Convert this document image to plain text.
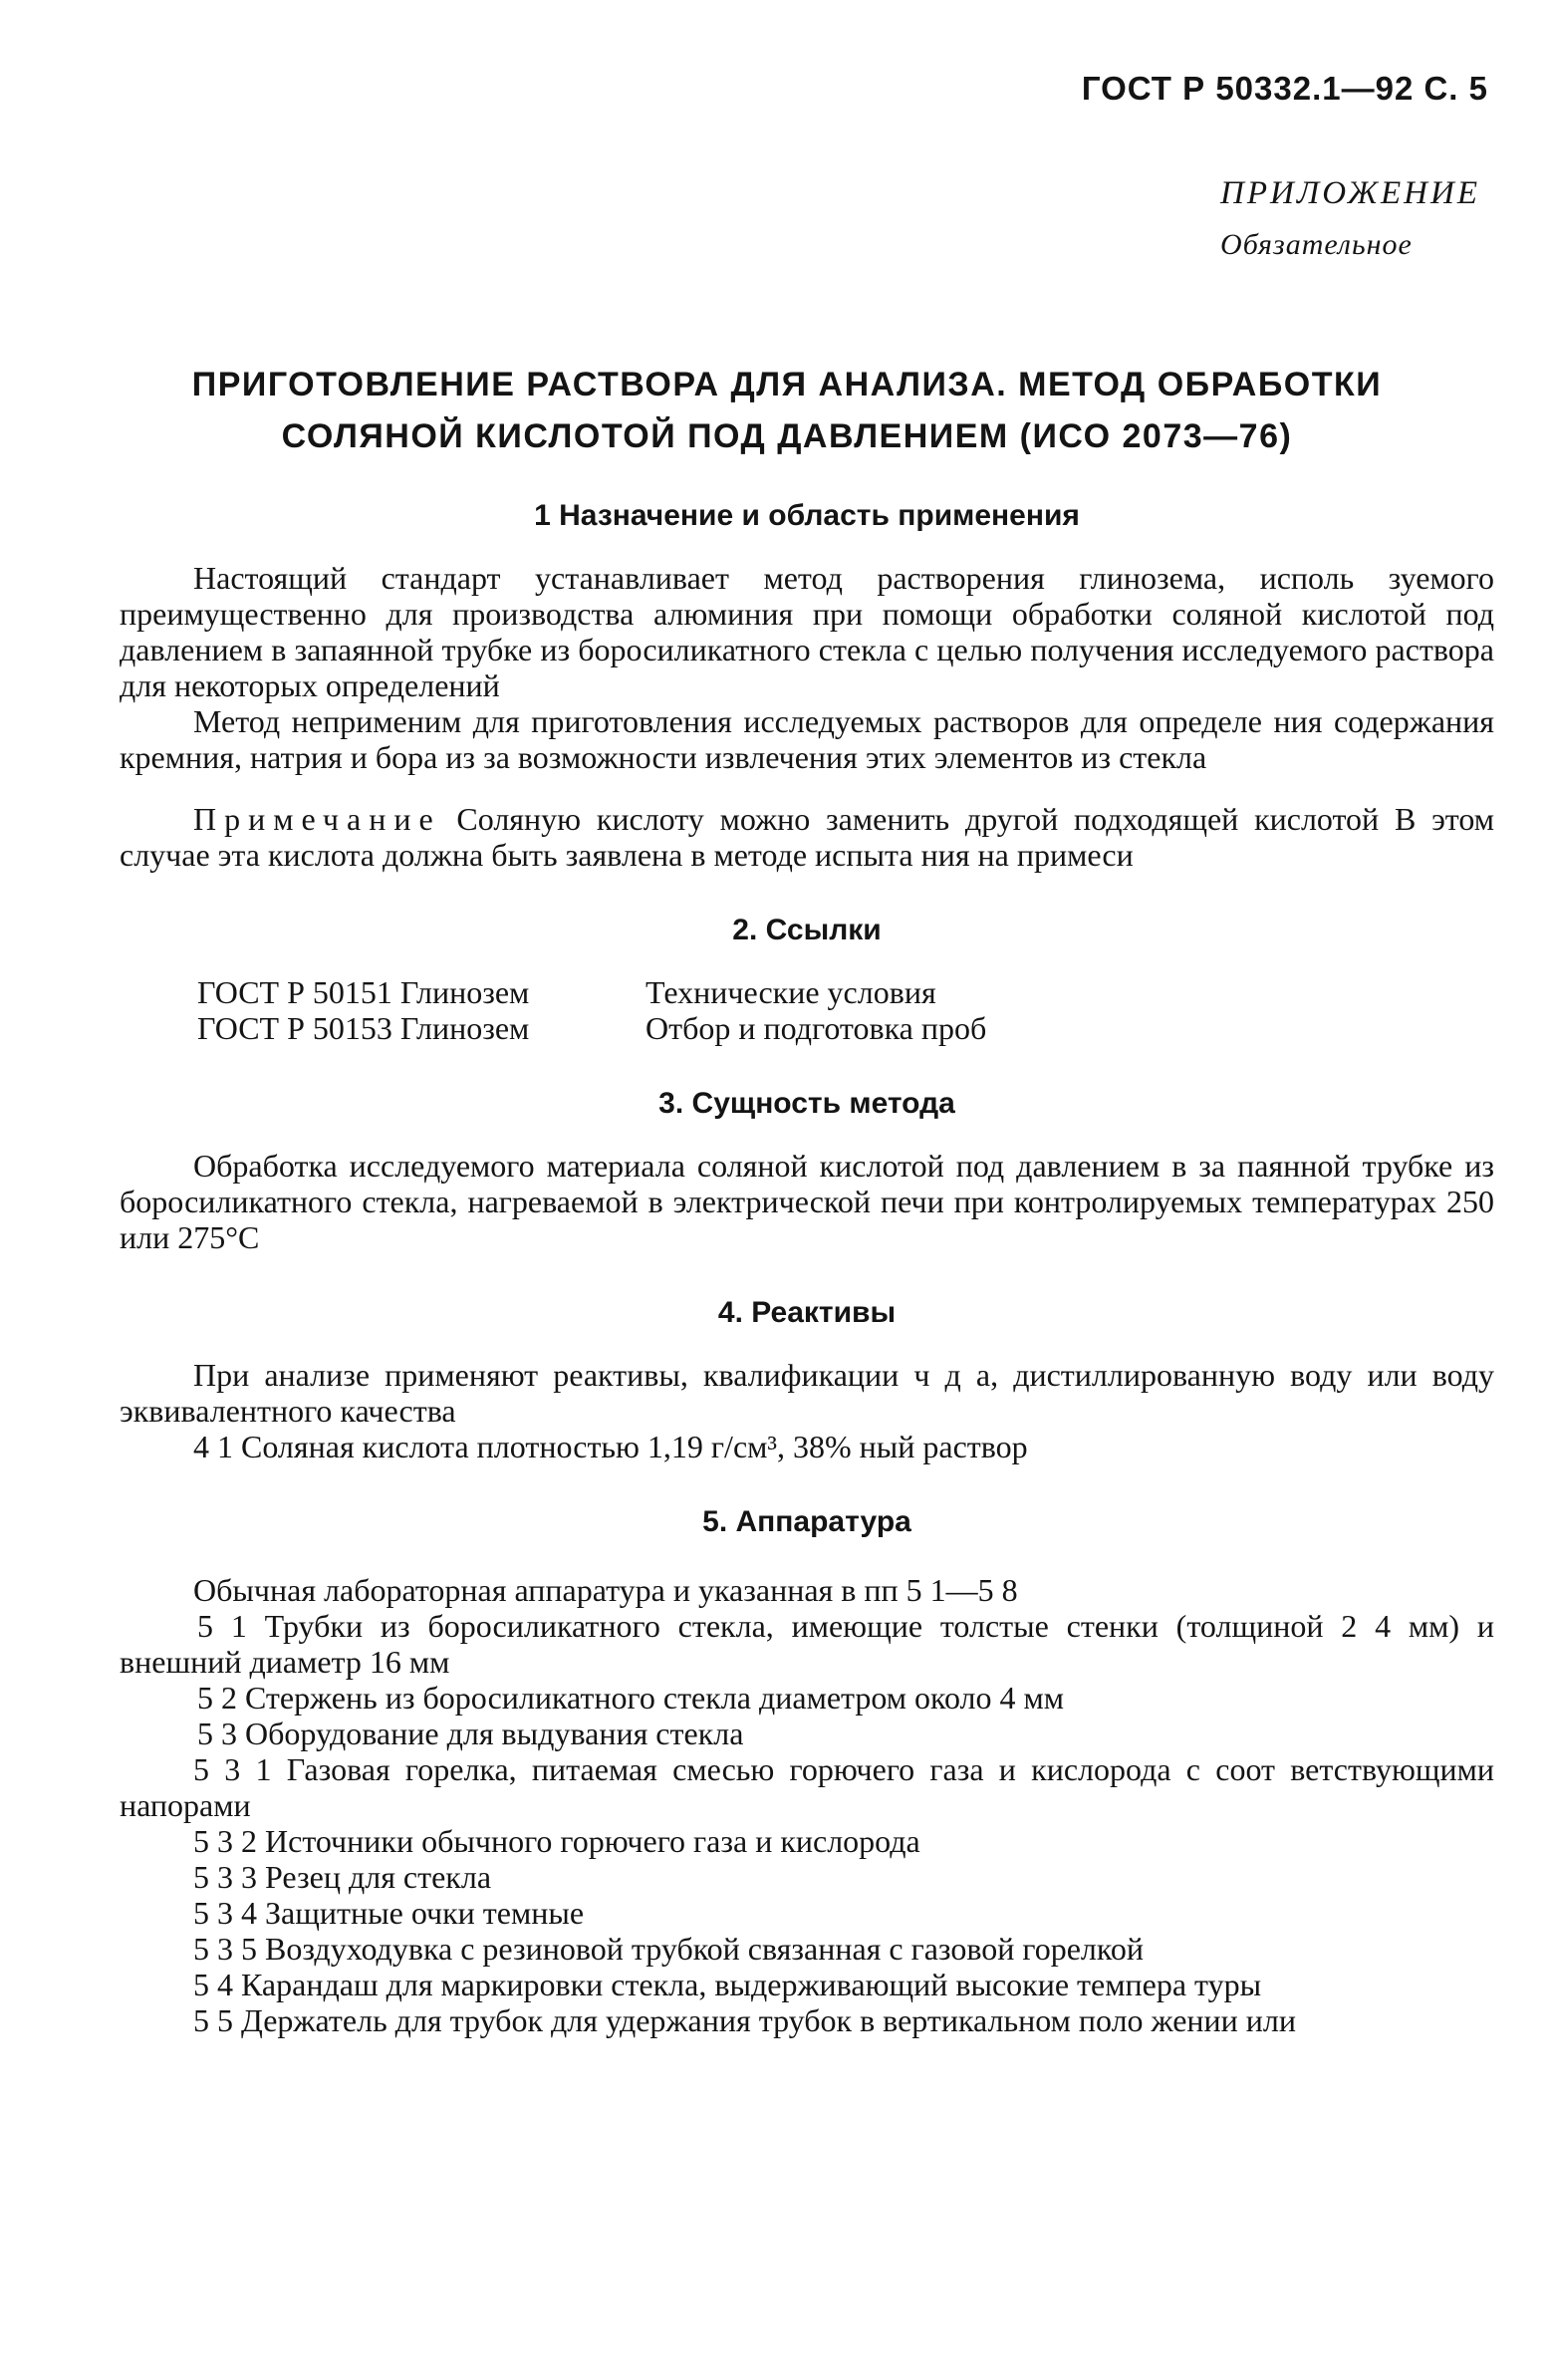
ГОСТ Р 50332.1—92 С. 5
ПРИЛОЖЕНИЕ
Обязательное
ПРИГОТОВЛЕНИЕ РАСТВОРА ДЛЯ АНАЛИЗА. МЕТОД ОБРАБОТКИ
СОЛЯНОЙ КИСЛОТОЙ ПОД ДАВЛЕНИЕМ (ИСО 2073—76)
1 Назначение и область применения

Настоящий стандарт устанавливает метод растворения глинозема, исполь зуемого преимущественно для производства алюминия при помощи обработки соляной кислотой под давлением в запаянной трубке из боросиликатного стекла с целью получения исследуемого раствора для некоторых определений

Метод неприменим для приготовления исследуемых растворов для определе ния содержания кремния, натрия и бора из за возможности извлечения этих элементов из стекла

Примечание Соляную кислоту можно заменить другой подходящей кислотой В этом случае эта кислота должна быть заявлена в методе испыта ния на примеси

2. Ссылки
ГОСТ Р 50151 Глинозем	Технические условия
ГОСТ Р 50153 Глинозем	Отбор и подготовка проб
3. Сущность метода

Обработка исследуемого материала соляной кислотой под давлением в за паянной трубке из боросиликатного стекла, нагреваемой в электрической печи при контролируемых температурах 250 или 275°С

4. Реактивы

При анализе применяют реактивы, квалификации ч д а, дистиллированную воду или воду эквивалентного качества

4 1 Соляная кислота плотностью 1,19 г/см³, 38% ный раствор

5. Аппаратура

Обычная лабораторная аппаратура и указанная в пп 5 1—5 8

5 1 Трубки из боросиликатного стекла, имеющие толстые стенки (толщиной 2 4 мм) и внешний диаметр 16 мм

5 2 Стержень из боросиликатного стекла диаметром около 4 мм

5 3 Оборудование для выдувания стекла

5 3 1 Газовая горелка, питаемая смесью горючего газа и кислорода с соот ветствующими напорами

5 3 2 Источники обычного горючего газа и кислорода

5 3 3 Резец для стекла

5 3 4 Защитные очки темные

5 3 5 Воздуходувка с резиновой трубкой связанная с газовой горелкой

5 4 Карандаш для маркировки стекла, выдерживающий высокие темпера туры

5 5 Держатель для трубок для удержания трубок в вертикальном поло жении или
